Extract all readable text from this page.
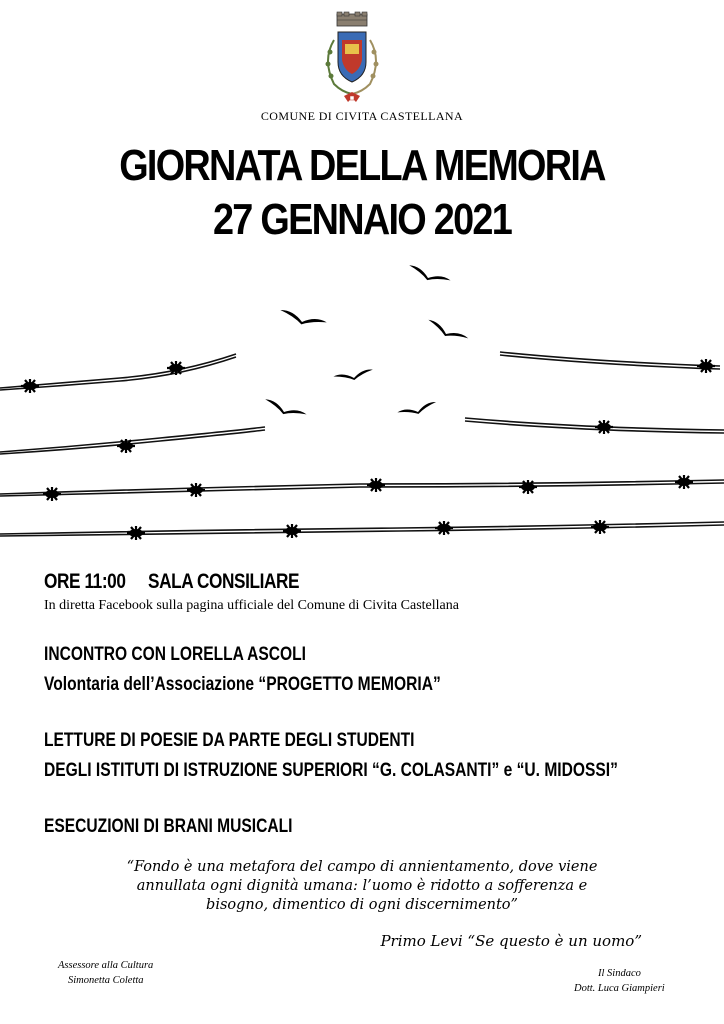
COMUNE DI CIVITA CASTELLANA
GIORNATA DELLA MEMORIA
27 GENNAIO 2021
ORE 11:00 SALA CONSILIARE
In diretta Facebook sulla pagina ufficiale del Comune di Civita Castellana
INCONTRO CON LORELLA ASCOLI
Volontaria dell’Associazione “PROGETTO MEMORIA”
LETTURE DI POESIE DA PARTE DEGLI STUDENTI
DEGLI ISTITUTI DI ISTRUZIONE SUPERIORI “G. COLASANTI” e “U. MIDOSSI”
ESECUZIONI DI BRANI MUSICALI
“Fondo è una metafora del campo di annientamento, dove viene
annullata ogni dignità umana: l’uomo è ridotto a sofferenza e
bisogno, dimentico di ogni discernimento”
Primo Levi “Se questo è un uomo”
Assessore alla Cultura
Simonetta Coletta
Il Sindaco
Dott. Luca Giampieri
